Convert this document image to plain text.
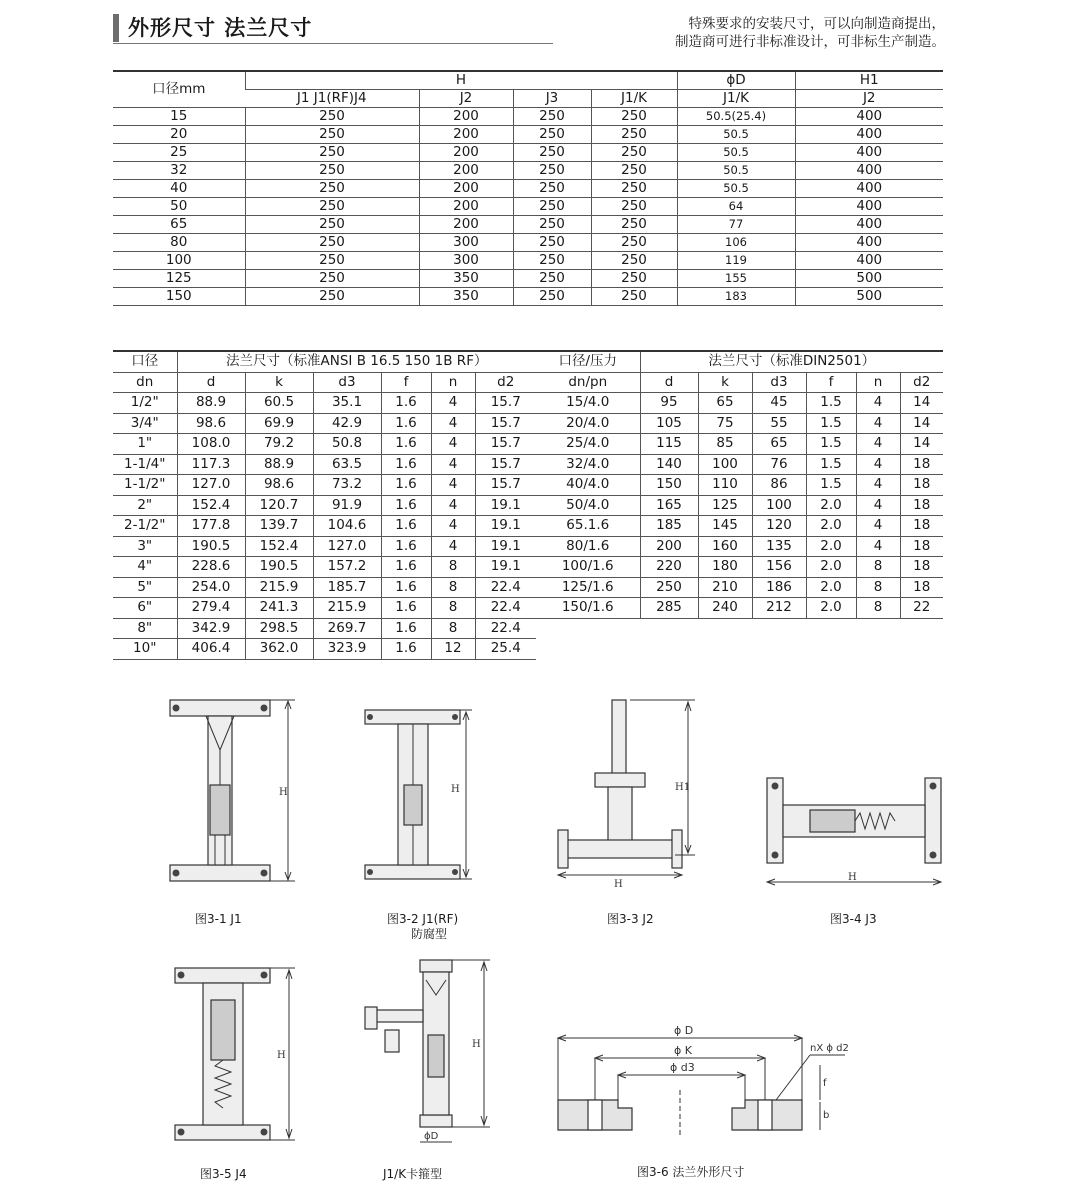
外形尺寸 法兰尺寸	特殊要求的安装尺寸，可以向制造商提出，
制造商可进行非标准设计，可非标生产制造。
口径mm	H				ϕD	H1
	J1 J1(RF)J4	J2	J3	J1/K	J1/K	J2
15	250	200	250	250	50.5(25.4)	400
20	250	200	250	250	50.5	400
25	250	200	250	250	50.5	400
32	250	200	250	250	50.5	400
40	250	200	250	250	50.5	400
50	250	200	250	250	64	400
65	250	200	250	250	77	400
80	250	300	250	250	106	400
100	250	300	250	250	119	400
125	250	350	250	250	155	500
150	250	350	250	250	183	500
口径	法兰尺寸（标准ANSI B 16.5 150 1B RF）					
dn	d	k	d3	f	n	d2
1/2"	88.9	60.5	35.1	1.6	4	15.7
3/4"	98.6	69.9	42.9	1.6	4	15.7
1"	108.0	79.2	50.8	1.6	4	15.7
1-1/4"	117.3	88.9	63.5	1.6	4	15.7
1-1/2"	127.0	98.6	73.2	1.6	4	15.7
2"	152.4	120.7	91.9	1.6	4	19.1
2-1/2"	177.8	139.7	104.6	1.6	4	19.1
3"	190.5	152.4	127.0	1.6	4	19.1
4"	228.6	190.5	157.2	1.6	8	19.1
5"	254.0	215.9	185.7	1.6	8	22.4
6"	279.4	241.3	215.9	1.6	8	22.4
8"	342.9	298.5	269.7	1.6	8	22.4
10"	406.4	362.0	323.9	1.6	12	25.4
口径/压力	法兰尺寸（标准DIN2501）					
dn/pn	d	k	d3	f	n	d2
15/4.0	95	65	45	1.5	4	14
20/4.0	105	75	55	1.5	4	14
25/4.0	115	85	65	1.5	4	14
32/4.0	140	100	76	1.5	4	18
40/4.0	150	110	86	1.5	4	18
50/4.0	165	125	100	2.0	4	18
65.1.6	185	145	120	2.0	4	18
80/1.6	200	160	135	2.0	4	18
100/1.6	220	180	156	2.0	8	18
125/1.6	250	210	186	2.0	8	18
150/1.6	285	240	212	2.0	8	22
H
图3-1 J1
H
图3-2 J1(RF)
防腐型
H
H1
图3-3 J2
H
图3-4 J3
H
图3-5 J4
H
ϕD
J1/K卡箍型
ϕ D
ϕ K
ϕ d3
nX ϕ d2
f
b
图3-6 法兰外形尺寸
